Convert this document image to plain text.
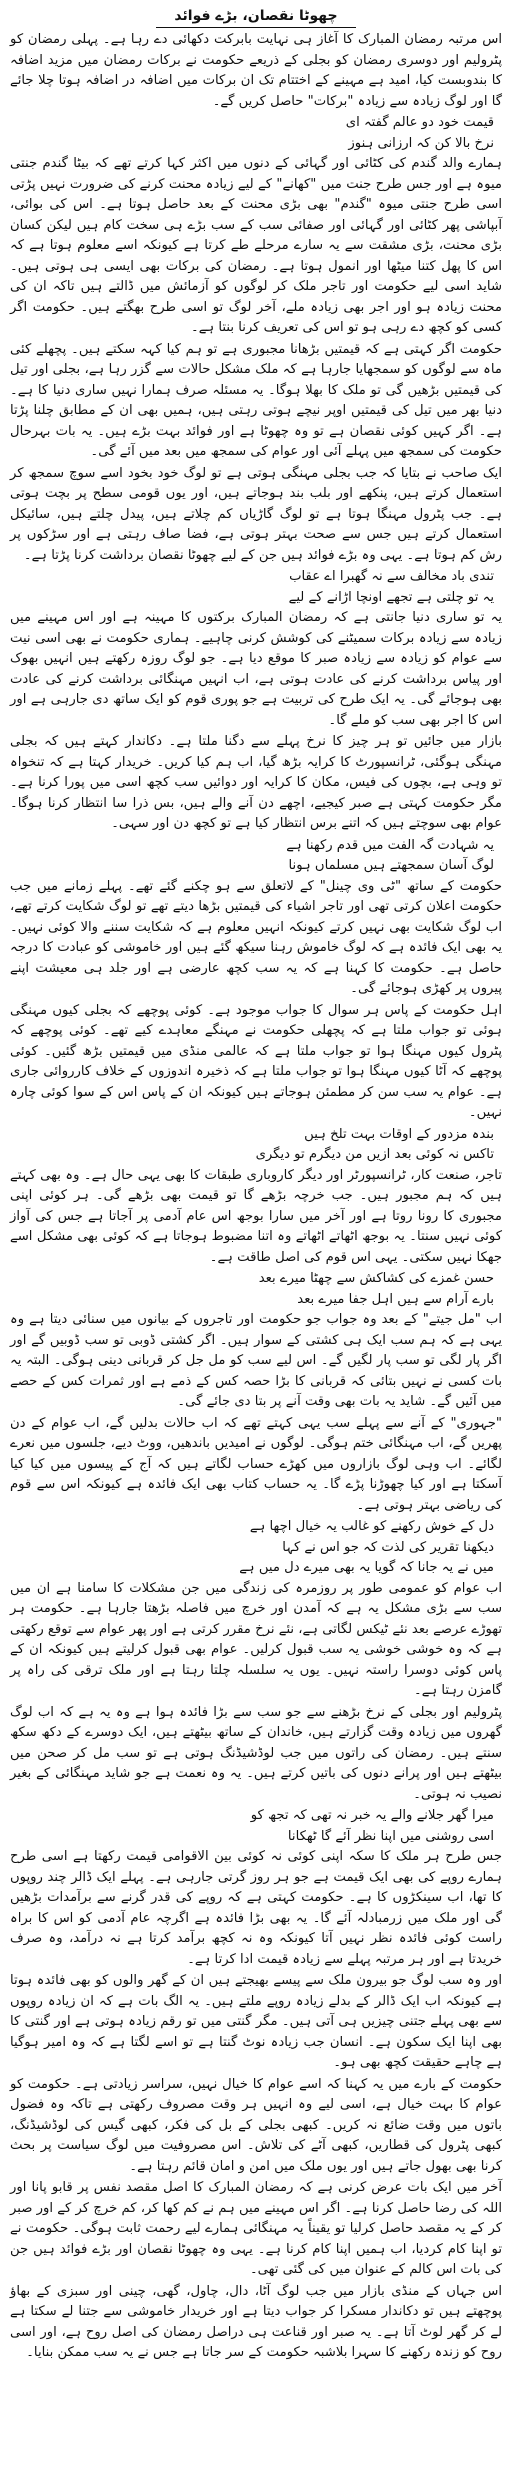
چھوٹا نقصان، بڑے فوائد
اس مرتبہ رمضان المبارک کا آغاز ہی نہایت بابرکت دکھائی دے رہا ہے۔ پہلی رمضان کو پٹرولیم اور دوسری رمضان کو بجلی کے ذریعے حکومت نے برکات رمضان میں مزید اضافہ کا بندوبست کیا، امید ہے مہینے کے اختتام تک ان برکات میں اضافہ در اضافہ ہوتا چلا جائے گا اور لوگ زیادہ سے زیادہ "برکات" حاصل کریں گے۔
قیمت خود دو عالم گفتہ ای
نرخ بالا کن کہ ارزانی ہنوز
ہمارے والد گندم کی کٹائی اور گہائی کے دنوں میں اکثر کہا کرتے تھے کہ بیٹا گندم جنتی میوہ ہے اور جس طرح جنت میں "کھانے" کے لیے زیادہ محنت کرنے کی ضرورت نہیں پڑتی اسی طرح جنتی میوہ "گندم" بھی بڑی محنت کے بعد حاصل ہوتا ہے۔ اس کی بوائی، آبپاشی پھر کٹائی اور گہائی اور صفائی سب کے سب بڑے ہی سخت کام ہیں لیکن کسان بڑی محنت، بڑی مشقت سے یہ سارے مرحلے طے کرتا ہے کیونکہ اسے معلوم ہوتا ہے کہ اس کا پھل کتنا میٹھا اور انمول ہوتا ہے۔ رمضان کی برکات بھی ایسی ہی ہوتی ہیں۔ شاید اسی لیے حکومت اور تاجر ملک کر لوگوں کو آزمائش میں ڈالتے ہیں تاکہ ان کی محنت زیادہ ہو اور اجر بھی زیادہ ملے، آخر لوگ تو اسی طرح بھگتے ہیں۔ حکومت اگر کسی کو کچھ دے رہی ہو تو اس کی تعریف کرنا بنتا ہے۔
حکومت اگر کہتی ہے کہ قیمتیں بڑھانا مجبوری ہے تو ہم کیا کہہ سکتے ہیں۔ پچھلے کئی ماہ سے لوگوں کو سمجھایا جارہا ہے کہ ملک مشکل حالات سے گزر رہا ہے، بجلی اور تیل کی قیمتیں بڑھیں گی تو ملک کا بھلا ہوگا۔ یہ مسئلہ صرف ہمارا نہیں ساری دنیا کا ہے۔ دنیا بھر میں تیل کی قیمتیں اوپر نیچے ہوتی رہتی ہیں، ہمیں بھی ان کے مطابق چلنا پڑتا ہے۔ اگر کہیں کوئی نقصان ہے تو وہ چھوٹا ہے اور فوائد بہت بڑے ہیں۔ یہ بات بہرحال حکومت کی سمجھ میں پہلے آئی اور عوام کی سمجھ میں بعد میں آئے گی۔
ایک صاحب نے بتایا کہ جب بجلی مہنگی ہوتی ہے تو لوگ خود بخود اسے سوچ سمجھ کر استعمال کرتے ہیں، پنکھے اور بلب بند ہوجاتے ہیں، اور یوں قومی سطح پر بچت ہوتی ہے۔ جب پٹرول مہنگا ہوتا ہے تو لوگ گاڑیاں کم چلاتے ہیں، پیدل چلتے ہیں، سائیکل استعمال کرتے ہیں جس سے صحت بہتر ہوتی ہے، فضا صاف رہتی ہے اور سڑکوں پر رش کم ہوتا ہے۔ یہی وہ بڑے فوائد ہیں جن کے لیے چھوٹا نقصان برداشت کرنا پڑتا ہے۔
تندی باد مخالف سے نہ گھبرا اے عقاب
یہ تو چلتی ہے تجھے اونچا اڑانے کے لیے
یہ تو ساری دنیا جانتی ہے کہ رمضان المبارک برکتوں کا مہینہ ہے اور اس مہینے میں زیادہ سے زیادہ برکات سمیٹنے کی کوشش کرنی چاہیے۔ ہماری حکومت نے بھی اسی نیت سے عوام کو زیادہ سے زیادہ صبر کا موقع دیا ہے۔ جو لوگ روزہ رکھتے ہیں انہیں بھوک اور پیاس برداشت کرنے کی عادت ہوتی ہے، اب انہیں مہنگائی برداشت کرنے کی عادت بھی ہوجائے گی۔ یہ ایک طرح کی تربیت ہے جو پوری قوم کو ایک ساتھ دی جارہی ہے اور اس کا اجر بھی سب کو ملے گا۔
بازار میں جائیں تو ہر چیز کا نرخ پہلے سے دگنا ملتا ہے۔ دکاندار کہتے ہیں کہ بجلی مہنگی ہوگئی، ٹرانسپورٹ کا کرایہ بڑھ گیا، اب ہم کیا کریں۔ خریدار کہتا ہے کہ تنخواہ تو وہی ہے، بچوں کی فیس، مکان کا کرایہ اور دوائیں سب کچھ اسی میں پورا کرنا ہے۔ مگر حکومت کہتی ہے صبر کیجیے، اچھے دن آنے والے ہیں، بس ذرا سا انتظار کرنا ہوگا۔ عوام بھی سوچتے ہیں کہ اتنے برس انتظار کیا ہے تو کچھ دن اور سہی۔
یہ شہادت گہ الفت میں قدم رکھنا ہے
لوگ آسان سمجھتے ہیں مسلماں ہونا
حکومت کے ساتھ "ٹی وی چینل" کے لاتعلق سے ہو چکنے گئے تھے۔ پہلے زمانے میں جب حکومت اعلان کرتی تھی اور تاجر اشیاء کی قیمتیں بڑھا دیتے تھے تو لوگ شکایت کرتے تھے، اب لوگ شکایت بھی نہیں کرتے کیونکہ انہیں معلوم ہے کہ شکایت سننے والا کوئی نہیں۔ یہ بھی ایک فائدہ ہے کہ لوگ خاموش رہنا سیکھ گئے ہیں اور خاموشی کو عبادت کا درجہ حاصل ہے۔ حکومت کا کہنا ہے کہ یہ سب کچھ عارضی ہے اور جلد ہی معیشت اپنے پیروں پر کھڑی ہوجائے گی۔
اہل حکومت کے پاس ہر سوال کا جواب موجود ہے۔ کوئی پوچھے کہ بجلی کیوں مہنگی ہوئی تو جواب ملتا ہے کہ پچھلی حکومت نے مہنگے معاہدے کیے تھے۔ کوئی پوچھے کہ پٹرول کیوں مہنگا ہوا تو جواب ملتا ہے کہ عالمی منڈی میں قیمتیں بڑھ گئیں۔ کوئی پوچھے کہ آٹا کیوں مہنگا ہوا تو جواب ملتا ہے کہ ذخیرہ اندوزوں کے خلاف کارروائی جاری ہے۔ عوام یہ سب سن کر مطمئن ہوجاتے ہیں کیونکہ ان کے پاس اس کے سوا کوئی چارہ نہیں۔
بندہ مزدور کے اوقات بہت تلخ ہیں
تاکس نہ کوئی بعد ازیں من دیگرم تو دیگری
تاجر، صنعت کار، ٹرانسپورٹر اور دیگر کاروباری طبقات کا بھی یہی حال ہے۔ وہ بھی کہتے ہیں کہ ہم مجبور ہیں۔ جب خرچہ بڑھے گا تو قیمت بھی بڑھے گی۔ ہر کوئی اپنی مجبوری کا رونا روتا ہے اور آخر میں سارا بوجھ اس عام آدمی پر آجاتا ہے جس کی آواز کوئی نہیں سنتا۔ یہ بوجھ اٹھاتے اٹھاتے وہ اتنا مضبوط ہوجاتا ہے کہ کوئی بھی مشکل اسے جھکا نہیں سکتی۔ یہی اس قوم کی اصل طاقت ہے۔
حسن غمزے کی کشاکش سے چھٹا میرے بعد
بارے آرام سے ہیں اہل جفا میرے بعد
اب "مل جیتے" کے بعد وہ جواب جو حکومت اور تاجروں کے بیانوں میں سنائی دیتا ہے وہ یہی ہے کہ ہم سب ایک ہی کشتی کے سوار ہیں۔ اگر کشتی ڈوبی تو سب ڈوبیں گے اور اگر پار لگی تو سب پار لگیں گے۔ اس لیے سب کو مل جل کر قربانی دینی ہوگی۔ البتہ یہ بات کسی نے نہیں بتائی کہ قربانی کا بڑا حصہ کس کے ذمے ہے اور ثمرات کس کے حصے میں آئیں گے۔ شاید یہ بات بھی وقت آنے پر بتا دی جائے گی۔
"جہوری" کے آنے سے پہلے سب یہی کہتے تھے کہ اب حالات بدلیں گے، اب عوام کے دن پھریں گے، اب مہنگائی ختم ہوگی۔ لوگوں نے امیدیں باندھیں، ووٹ دیے، جلسوں میں نعرے لگائے۔ اب وہی لوگ بازاروں میں کھڑے حساب لگاتے ہیں کہ آج کے پیسوں میں کیا کیا آسکتا ہے اور کیا چھوڑنا پڑے گا۔ یہ حساب کتاب بھی ایک فائدہ ہے کیونکہ اس سے قوم کی ریاضی بہتر ہوتی ہے۔
دل کے خوش رکھنے کو غالب یہ خیال اچھا ہے
دیکھنا تقریر کی لذت کہ جو اس نے کہا
میں نے یہ جانا کہ گویا یہ بھی میرے دل میں ہے
اب عوام کو عمومی طور پر روزمرہ کی زندگی میں جن مشکلات کا سامنا ہے ان میں سب سے بڑی مشکل یہ ہے کہ آمدن اور خرچ میں فاصلہ بڑھتا جارہا ہے۔ حکومت ہر تھوڑے عرصے بعد نئے ٹیکس لگاتی ہے، نئے نرخ مقرر کرتی ہے اور پھر عوام سے توقع رکھتی ہے کہ وہ خوشی خوشی یہ سب قبول کرلیں۔ عوام بھی قبول کرلیتے ہیں کیونکہ ان کے پاس کوئی دوسرا راستہ نہیں۔ یوں یہ سلسلہ چلتا رہتا ہے اور ملک ترقی کی راہ پر گامزن رہتا ہے۔
پٹرولیم اور بجلی کے نرخ بڑھنے سے جو سب سے بڑا فائدہ ہوا ہے وہ یہ ہے کہ اب لوگ گھروں میں زیادہ وقت گزارتے ہیں، خاندان کے ساتھ بیٹھتے ہیں، ایک دوسرے کے دکھ سکھ سنتے ہیں۔ رمضان کی راتوں میں جب لوڈشیڈنگ ہوتی ہے تو سب مل کر صحن میں بیٹھتے ہیں اور پرانے دنوں کی باتیں کرتے ہیں۔ یہ وہ نعمت ہے جو شاید مہنگائی کے بغیر نصیب نہ ہوتی۔
میرا گھر جلانے والے یہ خبر نہ تھی کہ تجھ کو
اسی روشنی میں اپنا نظر آئے گا ٹھکانا
جس طرح ہر ملک کا سکہ اپنی کوئی نہ کوئی بین الاقوامی قیمت رکھتا ہے اسی طرح ہمارے روپے کی بھی ایک قیمت ہے جو ہر روز گرتی جارہی ہے۔ پہلے ایک ڈالر چند روپوں کا تھا، اب سینکڑوں کا ہے۔ حکومت کہتی ہے کہ روپے کی قدر گرنے سے برآمدات بڑھیں گی اور ملک میں زرمبادلہ آئے گا۔ یہ بھی بڑا فائدہ ہے اگرچہ عام آدمی کو اس کا براہ راست کوئی فائدہ نظر نہیں آتا کیونکہ وہ نہ کچھ برآمد کرتا ہے نہ درآمد، وہ صرف خریدتا ہے اور ہر مرتبہ پہلے سے زیادہ قیمت ادا کرتا ہے۔
اور وہ سب لوگ جو بیرون ملک سے پیسے بھیجتے ہیں ان کے گھر والوں کو بھی فائدہ ہوتا ہے کیونکہ اب ایک ڈالر کے بدلے زیادہ روپے ملتے ہیں۔ یہ الگ بات ہے کہ ان زیادہ روپوں سے بھی پہلے جتنی چیزیں ہی آتی ہیں۔ مگر گنتی میں تو رقم زیادہ ہوتی ہے اور گنتی کا بھی اپنا ایک سکون ہے۔ انسان جب زیادہ نوٹ گنتا ہے تو اسے لگتا ہے کہ وہ امیر ہوگیا ہے چاہے حقیقت کچھ بھی ہو۔
حکومت کے بارے میں یہ کہنا کہ اسے عوام کا خیال نہیں، سراسر زیادتی ہے۔ حکومت کو عوام کا بہت خیال ہے، اسی لیے وہ انہیں ہر وقت مصروف رکھتی ہے تاکہ وہ فضول باتوں میں وقت ضائع نہ کریں۔ کبھی بجلی کے بل کی فکر، کبھی گیس کی لوڈشیڈنگ، کبھی پٹرول کی قطاریں، کبھی آٹے کی تلاش۔ اس مصروفیت میں لوگ سیاست پر بحث کرنا بھی بھول جاتے ہیں اور یوں ملک میں امن و امان قائم رہتا ہے۔
آخر میں ایک بات عرض کرنی ہے کہ رمضان المبارک کا اصل مقصد نفس پر قابو پانا اور اللہ کی رضا حاصل کرنا ہے۔ اگر اس مہینے میں ہم نے کم کھا کر، کم خرچ کر کے اور صبر کر کے یہ مقصد حاصل کرلیا تو یقیناً یہ مہنگائی ہمارے لیے رحمت ثابت ہوگی۔ حکومت نے تو اپنا کام کردیا، اب ہمیں اپنا کام کرنا ہے۔ یہی وہ چھوٹا نقصان اور بڑے فوائد ہیں جن کی بات اس کالم کے عنوان میں کی گئی تھی۔
اس جہاں کے منڈی بازار میں جب لوگ آٹا، دال، چاول، گھی، چینی اور سبزی کے بھاؤ پوچھتے ہیں تو دکاندار مسکرا کر جواب دیتا ہے اور خریدار خاموشی سے جتنا لے سکتا ہے لے کر گھر لوٹ آتا ہے۔ یہ صبر اور قناعت ہی دراصل رمضان کی اصل روح ہے، اور اسی روح کو زندہ رکھنے کا سہرا بلاشبہ حکومت کے سر جاتا ہے جس نے یہ سب ممکن بنایا۔
